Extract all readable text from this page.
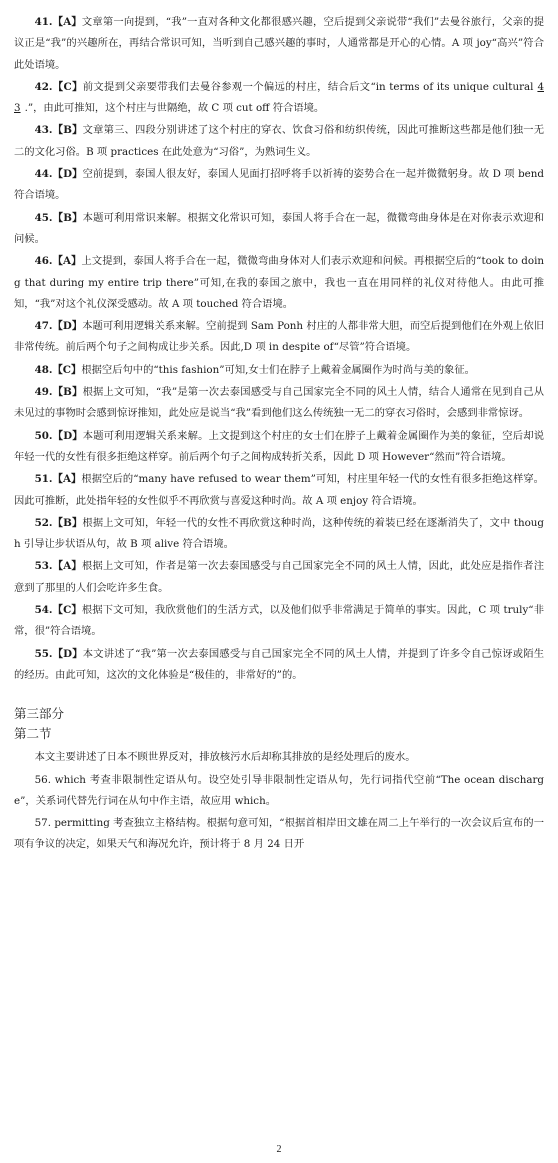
41.【A】文章第一向提到，“我”一直对各种文化都很感兴趣，空后提到父亲说带“我们”去曼谷旅行，父亲的提议正是“我”的兴趣所在，再结合常识可知，当听到自己感兴趣的事时，人通常都是开心的心情。A 项 joy“高兴”符合此处语境。

42.【C】前文提到父亲要带我们去曼谷参观一个偏远的村庄，结合后文“in terms of its unique cultural 43 .”，由此可推知，这个村庄与世隔绝，故 C 项 cut off 符合语境。

43.【B】文章第三、四段分别讲述了这个村庄的穿衣、饮食习俗和纺织传统，因此可推断这些都是他们独一无二的文化习俗。B 项 practices 在此处意为“习俗”，为熟词生义。

44.【D】空前提到，泰国人很友好，泰国人见面打招呼将手以祈祷的姿势合在一起并微微躬身。故 D 项 bend 符合语境。

45.【B】本题可利用常识来解。根据文化常识可知，泰国人将手合在一起，微微弯曲身体是在对你表示欢迎和问候。

46.【A】上文提到，泰国人将手合在一起，微微弯曲身体对人们表示欢迎和问候。再根据空后的“took to doing that during my entire trip there”可知,在我的泰国之旅中，我也一直在用同样的礼仪对待他人。由此可推知，“我”对这个礼仪深受感动。故 A 项 touched 符合语境。

47.【D】本题可利用逻辑关系来解。空前提到 Sam Ponh 村庄的人都非常大胆，而空后提到他们在外观上依旧非常传统。前后两个句子之间构成让步关系。因此,D 项 in despite of“尽管”符合语境。

48.【C】根据空后句中的“this fashion”可知,女士们在脖子上戴着金属圈作为时尚与美的象征。

49.【B】根据上文可知，“我”是第一次去泰国感受与自己国家完全不同的风土人情，结合人通常在见到自己从未见过的事物时会感到惊讶推知，此处应是说当“我”看到他们这么传统独一无二的穿衣习俗时，会感到非常惊讶。

50.【D】本题可利用逻辑关系来解。上文提到这个村庄的女士们在脖子上戴着金属圈作为美的象征，空后却说年轻一代的女性有很多拒绝这样穿。前后两个句子之间构成转折关系，因此 D 项 However“然而”符合语境。

51.【A】根据空后的“many have refused to wear them”可知，村庄里年轻一代的女性有很多拒绝这样穿。因此可推断，此处指年轻的女性似乎不再欣赏与喜爱这种时尚。故 A 项 enjoy 符合语境。

52.【B】根据上文可知，年轻一代的女性不再欣赏这种时尚，这种传统的着装已经在逐渐消失了，文中 though 引导让步状语从句，故 B 项 alive 符合语境。

53.【A】根据上文可知，作者是第一次去泰国感受与自己国家完全不同的风土人情，因此，此处应是指作者注意到了那里的人们会吃许多生食。

54.【C】根据下文可知，我欣赏他们的生活方式，以及他们似乎非常满足于简单的事实。因此，C 项 truly“非常，很”符合语境。

55.【D】本文讲述了“我”第一次去泰国感受与自己国家完全不同的风土人情，并提到了许多令自己惊讶或陌生的经历。由此可知，这次的文化体验是“极佳的，非常好的”的。

第三部分
第二节

本文主要讲述了日本不顾世界反对，排放核污水后却称其排放的是经处理后的废水。

56. which 考查非限制性定语从句。设空处引导非限制性定语从句，先行词指代空前“The ocean discharge”，关系词代替先行词在从句中作主语，故应用 which。

57. permitting 考查独立主格结构。根据句意可知，“根据首相岸田文雄在周二上午举行的一次会议后宣布的一项有争议的决定，如果天气和海况允许，预计将于 8 月 24 日开

2
